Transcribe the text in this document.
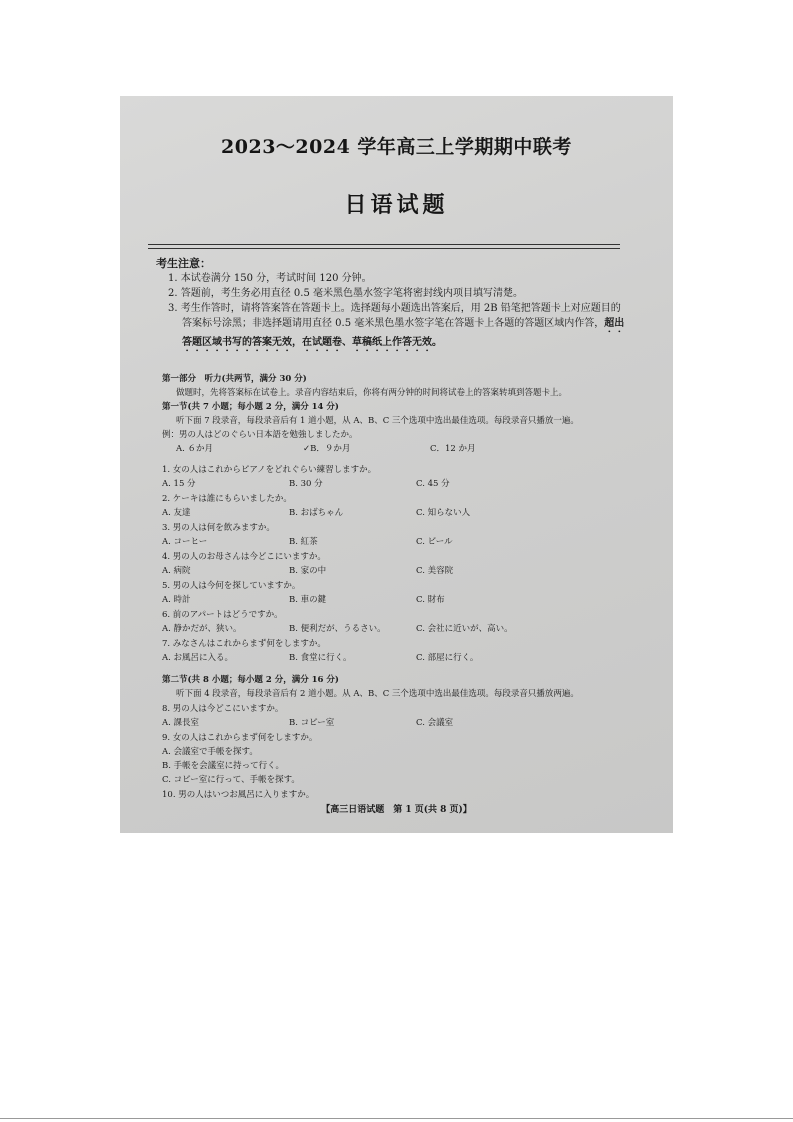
2023～2024 学年高三上学期期中联考
日语试题
考生注意：
1. 本试卷满分 150 分，考试时间 120 分钟。
2. 答题前，考生务必用直径 0.5 毫米黑色墨水签字笔将密封线内项目填写清楚。
3. 考生作答时，请将答案答在答题卡上。选择题每小题选出答案后，用 2B 铅笔把答题卡上对应题目的答案标号涂黑；非选择题请用直径 0.5 毫米黑色墨水签字笔在答题卡上各题的答题区域内作答，超出答题区域书写的答案无效，在试题卷、草稿纸上作答无效。
第一部分　听力(共两节，满分 30 分)
做题时，先将答案标在试卷上。录音内容结束后，你将有两分钟的时间将试卷上的答案转填到答题卡上。
第一节(共 7 小题；每小题 2 分，满分 14 分)
听下面 7 段录音，每段录音后有 1 道小题，从 A、B、C 三个选项中选出最佳选项。每段录音只播放一遍。
例：男の人はどのぐらい日本語を勉強しましたか。
A. ６か月	✓B．９か月	C．12 か月
1. 女の人はこれからピアノをどれぐらい練習しますか。
A. 15 分	B. 30 分	C. 45 分
2. ケーキは誰にもらいましたか。
A. 友達	B. おばちゃん	C. 知らない人
3. 男の人は何を飲みますか。
A. コーヒー	B. 紅茶	C. ビール
4. 男の人のお母さんは今どこにいますか。
A. 病院	B. 家の中	C. 美容院
5. 男の人は今何を探していますか。
A. 時計	B. 車の鍵	C. 財布
6. 前のアパートはどうですか。
A. 静かだが、狭い。	B. 便利だが、うるさい。	C. 会社に近いが、高い。
7. みなさんはこれからまず何をしますか。
A. お風呂に入る。	B. 食堂に行く。	C. 部屋に行く。
第二节(共 8 小题；每小题 2 分，满分 16 分)
听下面 4 段录音，每段录音后有 2 道小题。从 A、B、C 三个选项中选出最佳选项。每段录音只播放两遍。
8. 男の人は今どこにいますか。
A. 課長室	B. コピー室	C. 会議室
9. 女の人はこれからまず何をしますか。
A. 会議室で手帳を探す。
B. 手帳を会議室に持って行く。
C. コピー室に行って、手帳を探す。
10. 男の人はいつお風呂に入りますか。
【高三日语试题　第 1 页(共 8 页)】
